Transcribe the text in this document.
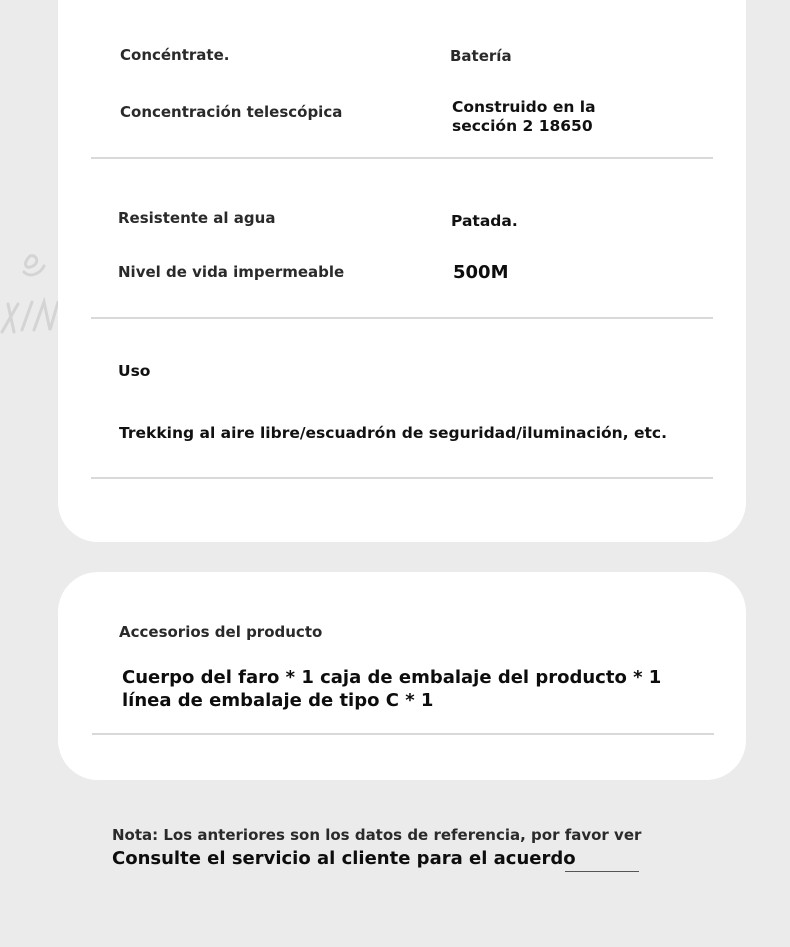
Concéntrate.	Batería
Concentración telescópica	Construido en la
sección 2 18650
Resistente al agua	Patada.
Nivel de vida impermeable	500M
Uso
Trekking al aire libre/escuadrón de seguridad/iluminación, etc.
Accesorios del producto
Cuerpo del faro * 1 caja de embalaje del producto * 1
línea de embalaje de tipo C * 1
Nota: Los anteriores son los datos de referencia, por favor ver
Consulte el servicio al cliente para el acuerdo
